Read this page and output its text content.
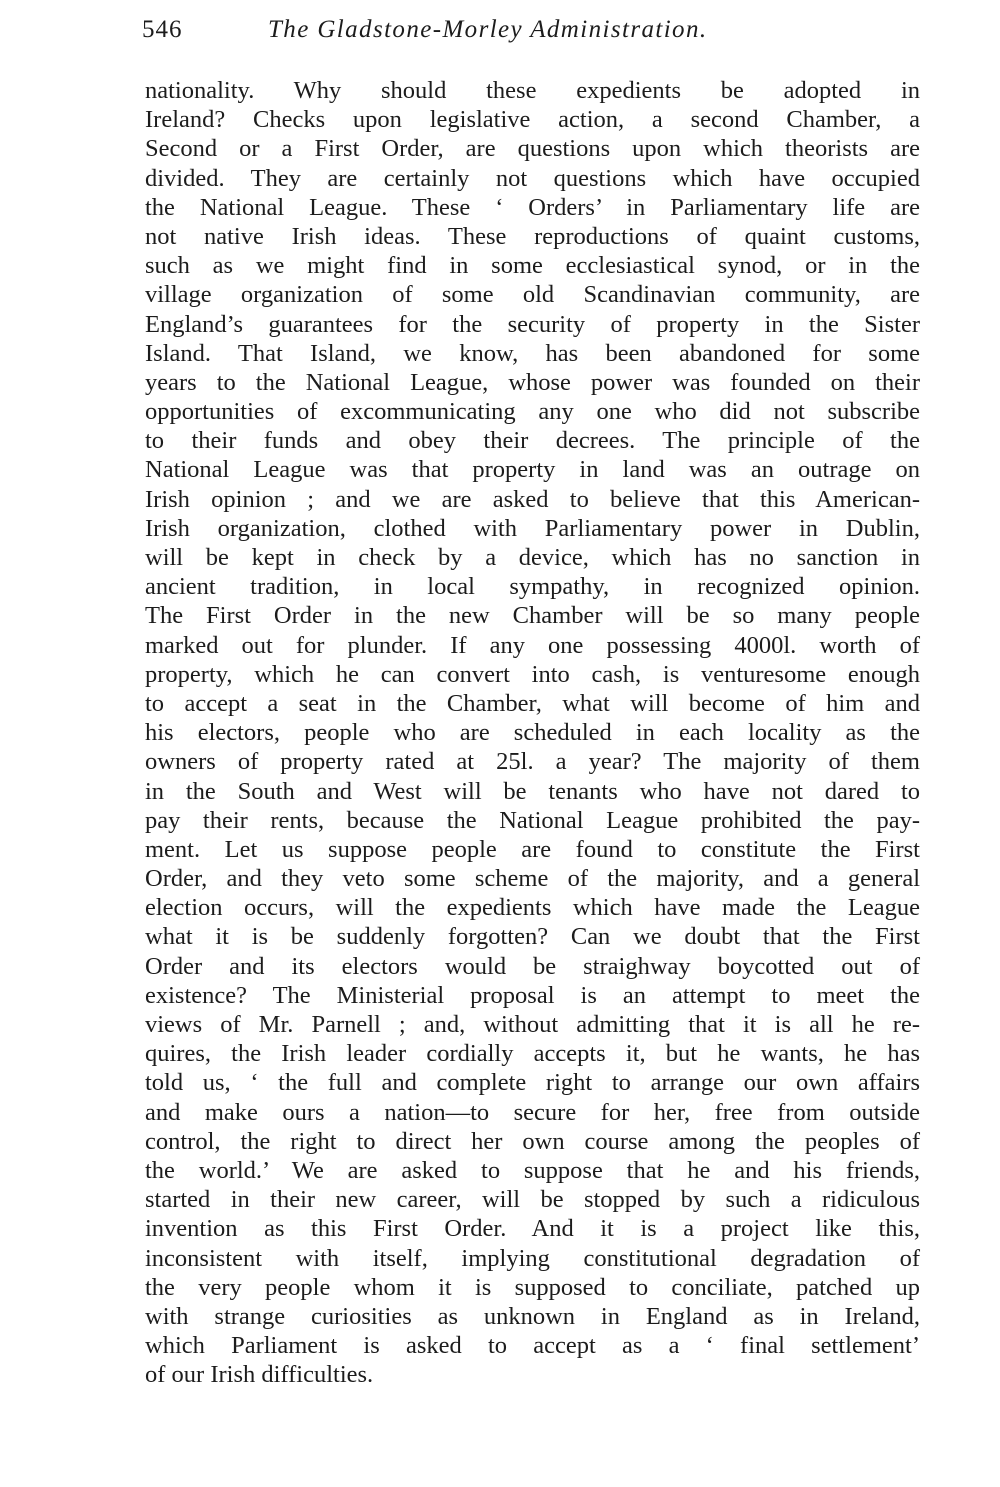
546	The Gladstone-Morley Administration.
nationality. Why should these expedients be adopted in
Ireland? Checks upon legislative action, a second Chamber, a
Second or a First Order, are questions upon which theorists are
divided. They are certainly not questions which have occupied
the National League. These ‘ Orders’ in Parliamentary life are
not native Irish ideas. These reproductions of quaint customs,
such as we might find in some ecclesiastical synod, or in the
village organization of some old Scandinavian community, are
England’s guarantees for the security of property in the Sister
Island. That Island, we know, has been abandoned for some
years to the National League, whose power was founded on their
opportunities of excommunicating any one who did not subscribe
to their funds and obey their decrees. The principle of the
National League was that property in land was an outrage on
Irish opinion ; and we are asked to believe that this American-
Irish organization, clothed with Parliamentary power in Dublin,
will be kept in check by a device, which has no sanction in
ancient tradition, in local sympathy, in recognized opinion.
The First Order in the new Chamber will be so many people
marked out for plunder. If any one possessing 4000l. worth of
property, which he can convert into cash, is venturesome enough
to accept a seat in the Chamber, what will become of him and
his electors, people who are scheduled in each locality as the
owners of property rated at 25l. a year? The majority of them
in the South and West will be tenants who have not dared to
pay their rents, because the National League prohibited the pay-
ment. Let us suppose people are found to constitute the First
Order, and they veto some scheme of the majority, and a general
election occurs, will the expedients which have made the League
what it is be suddenly forgotten? Can we doubt that the First
Order and its electors would be straighway boycotted out of
existence? The Ministerial proposal is an attempt to meet the
views of Mr. Parnell ; and, without admitting that it is all he re-
quires, the Irish leader cordially accepts it, but he wants, he has
told us, ‘ the full and complete right to arrange our own affairs
and make ours a nation—to secure for her, free from outside
control, the right to direct her own course among the peoples of
the world.’ We are asked to suppose that he and his friends,
started in their new career, will be stopped by such a ridiculous
invention as this First Order. And it is a project like this,
inconsistent with itself, implying constitutional degradation of
the very people whom it is supposed to conciliate, patched up
with strange curiosities as unknown in England as in Ireland,
which Parliament is asked to accept as a ‘ final settlement’
of our Irish difficulties.
